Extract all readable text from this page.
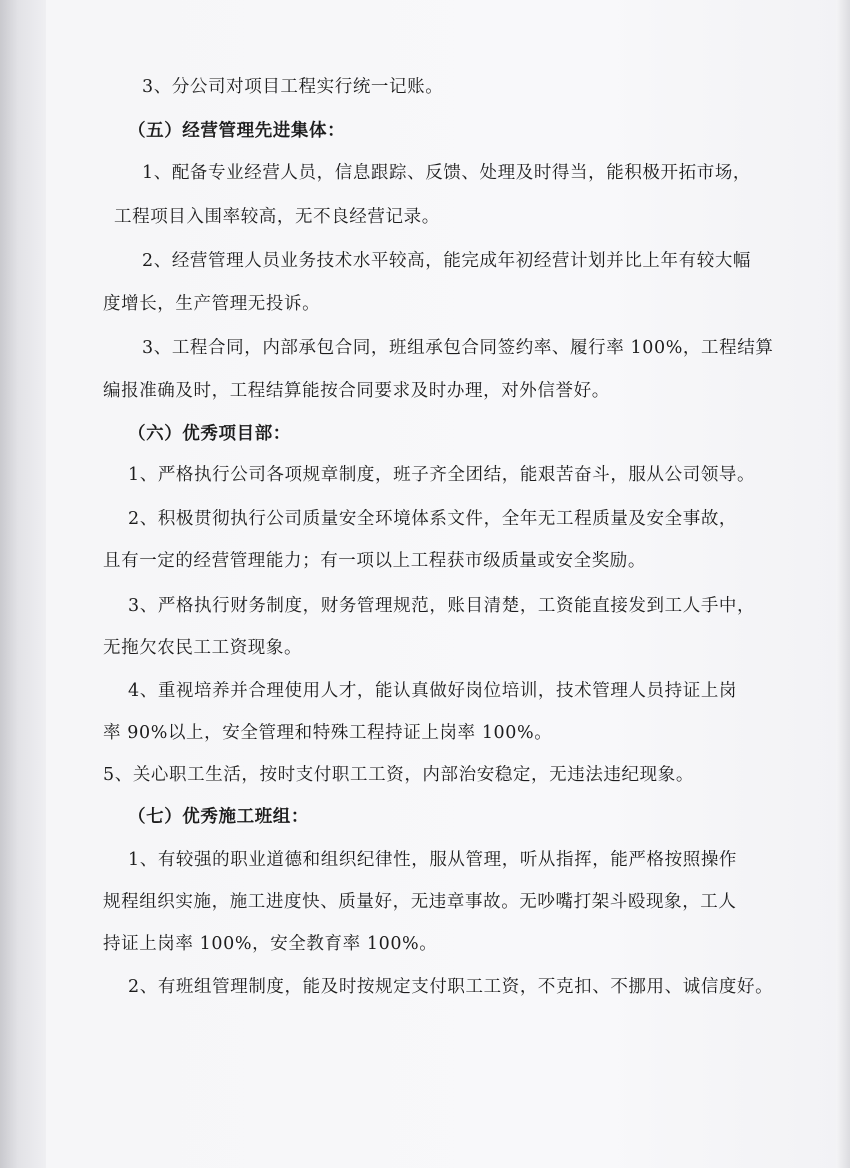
3、分公司对项目工程实行统一记账。
（五）经营管理先进集体：
1、配备专业经营人员，信息跟踪、反馈、处理及时得当，能积极开拓市场，
工程项目入围率较高，无不良经营记录。
2、经营管理人员业务技术水平较高，能完成年初经营计划并比上年有较大幅
度增长，生产管理无投诉。
3、工程合同，内部承包合同，班组承包合同签约率、履行率 100%，工程结算
编报准确及时，工程结算能按合同要求及时办理，对外信誉好。
（六）优秀项目部：
1、严格执行公司各项规章制度，班子齐全团结，能艰苦奋斗，服从公司领导。
2、积极贯彻执行公司质量安全环境体系文件，全年无工程质量及安全事故，
且有一定的经营管理能力；有一项以上工程获市级质量或安全奖励。
3、严格执行财务制度，财务管理规范，账目清楚，工资能直接发到工人手中，
无拖欠农民工工资现象。
4、重视培养并合理使用人才，能认真做好岗位培训，技术管理人员持证上岗
率 90%以上，安全管理和特殊工程持证上岗率 100%。
5、关心职工生活，按时支付职工工资，内部治安稳定，无违法违纪现象。
（七）优秀施工班组：
1、有较强的职业道德和组织纪律性，服从管理，听从指挥，能严格按照操作
规程组织实施，施工进度快、质量好，无违章事故。无吵嘴打架斗殴现象，工人
持证上岗率 100%，安全教育率 100%。
2、有班组管理制度，能及时按规定支付职工工资，不克扣、不挪用、诚信度好。
